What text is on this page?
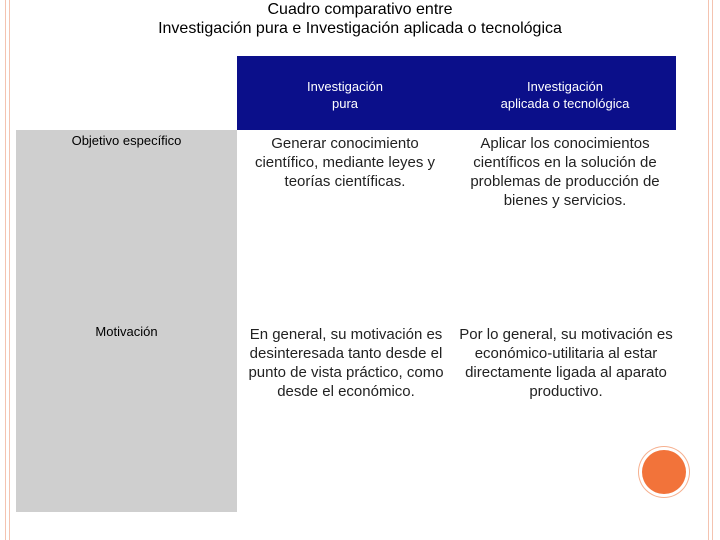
Cuadro comparativo entre
Investigación pura e Investigación aplicada o tecnológica
Investigación
pura
Investigación
aplicada o tecnológica
Objetivo específico
Motivación
Generar conocimiento científico, mediante leyes y teorías científicas.
Aplicar los conocimientos científicos en la solución de problemas de producción de bienes y servicios.
En general, su motivación es desinteresada tanto desde el punto de vista práctico, como desde el económico.
Por lo general, su motivación es económico-utilitaria al estar directamente ligada al aparato productivo.
